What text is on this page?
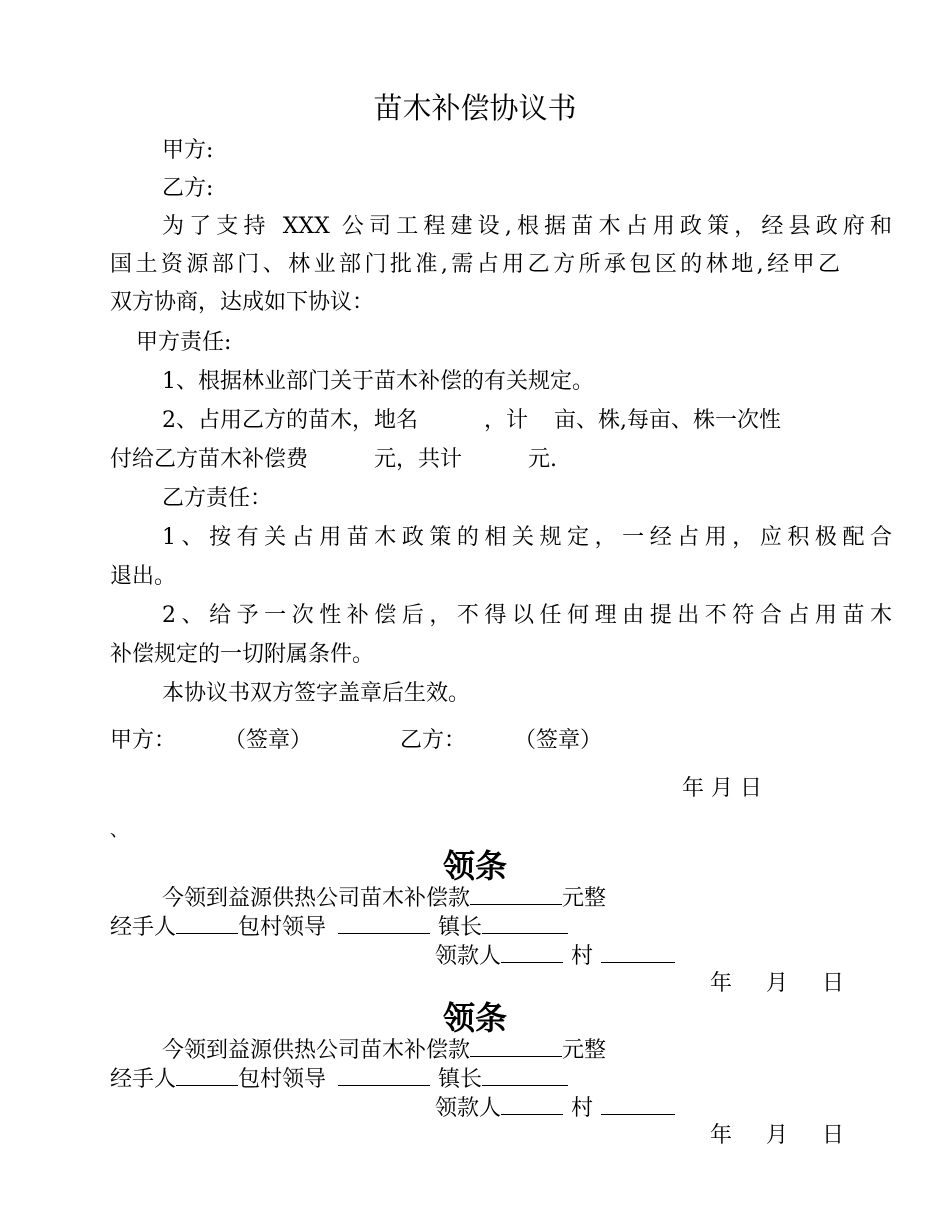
苗木补偿协议书
甲方:
乙方:
为了支持 XXX 公司工程建设,根据苗木占用政策，经县政府和
国土资源部门、林业部门批准,需占用乙方所承包区的林地,经甲乙
双方协商，达成如下协议：
甲方责任:
1、根据林业部门关于苗木补偿的有关规定。
2、占用乙方的苗木，地名	，计 亩、株,每亩、株一次性
付给乙方苗木补偿费	元，共计	元.
乙方责任：
1、按有关占用苗木政策的相关规定，一经占用，应积极配合
退出。
2、给予一次性补偿后，不得以任何理由提出不符合占用苗木
补偿规定的一切附属条件。
本协议书双方签字盖章后生效。
甲方： （签章）	乙方： （签章）
年 月 日
、
领条
今领到益源供热公司苗木补偿款	元整
经手人	包村领导	镇长
领款人	村
年 月 日
领条
今领到益源供热公司苗木补偿款	元整
经手人	包村领导	镇长
领款人	村
年 月 日
